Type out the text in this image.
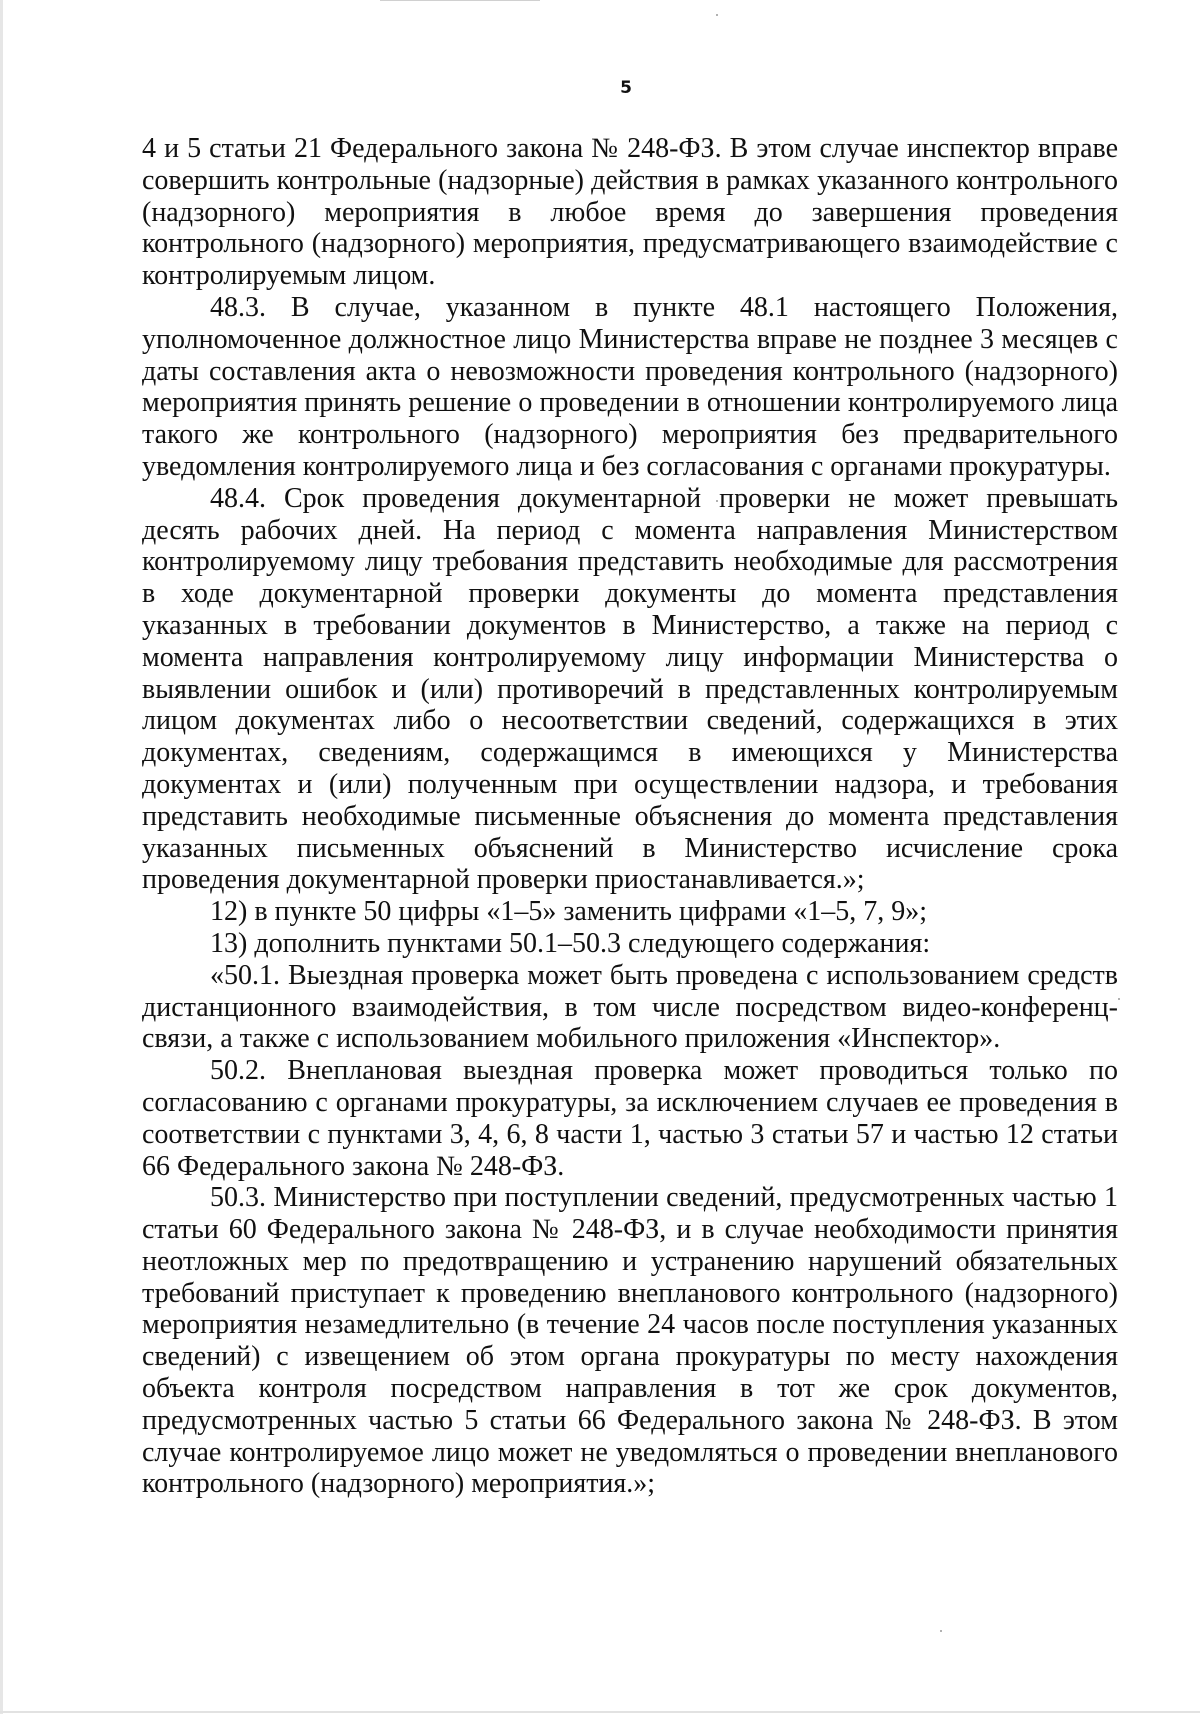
5

4 и 5 статьи 21 Федерального закона № 248-ФЗ. В этом случае инспектор вправе совершить контрольные (надзорные) действия в рамках указанного контрольного (надзорного) мероприятия в любое время до завершения проведения контрольного (надзорного) мероприятия, предусматривающего взаимодействие с контролируемым лицом.

48.3. В случае, указанном в пункте 48.1 настоящего Положения, уполномоченное должностное лицо Министерства вправе не позднее 3 месяцев с даты составления акта о невозможности проведения контрольного (надзорного) мероприятия принять решение о проведении в отношении контролируемого лица такого же контрольного (надзорного) мероприятия без предварительного уведомления контролируемого лица и без согласования с органами прокуратуры.

48.4. Срок проведения документарной проверки не может превышать десять рабочих дней. На период с момента направления Министерством контролируемому лицу требования представить необходимые для рассмотрения в ходе документарной проверки документы до момента представления указанных в требовании документов в Министерство, а также на период с момента направления контролируемому лицу информации Министерства о выявлении ошибок и (или) противоречий в представленных контролируемым лицом документах либо о несоответствии сведений, содержащихся в этих документах, сведениям, содержащимся в имеющихся у Министерства документах и (или) полученным при осуществлении надзора, и требования представить необходимые письменные объяснения до момента представления указанных письменных объяснений в Министерство исчисление срока проведения документарной проверки приостанавливается.»;

12) в пункте 50 цифры «1–5» заменить цифрами «1–5, 7, 9»;

13) дополнить пунктами 50.1–50.3 следующего содержания:

«50.1. Выездная проверка может быть проведена с использованием средств дистанционного взаимодействия, в том числе посредством видео-конференц-связи, а также с использованием мобильного приложения «Инспектор».

50.2. Внеплановая выездная проверка может проводиться только по согласованию с органами прокуратуры, за исключением случаев ее проведения в соответствии с пунктами 3, 4, 6, 8 части 1, частью 3 статьи 57 и частью 12 статьи 66 Федерального закона № 248-ФЗ.

50.3. Министерство при поступлении сведений, предусмотренных частью 1 статьи 60 Федерального закона № 248-ФЗ, и в случае необходимости принятия неотложных мер по предотвращению и устранению нарушений обязательных требований приступает к проведению внепланового контрольного (надзорного) мероприятия незамедлительно (в течение 24 часов после поступления указанных сведений) с извещением об этом органа прокуратуры по месту нахождения объекта контроля посредством направления в тот же срок документов, предусмотренных частью 5 статьи 66 Федерального закона № 248-ФЗ. В этом случае контролируемое лицо может не уведомляться о проведении внепланового контрольного (надзорного) мероприятия.»;
